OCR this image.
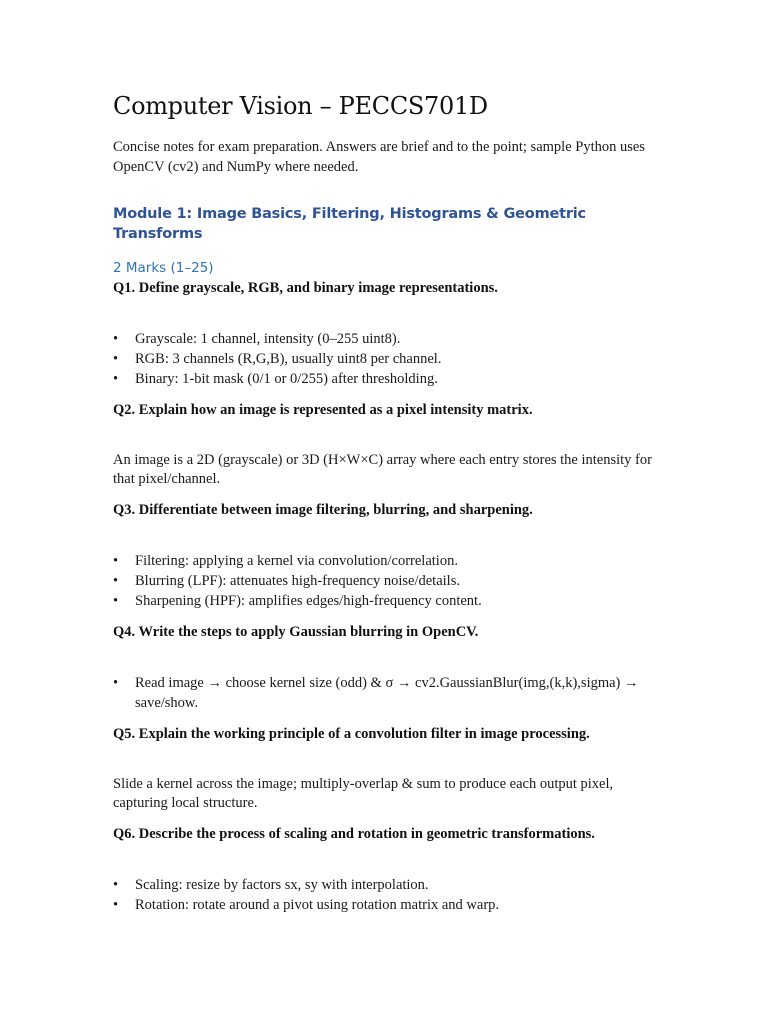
Computer Vision – PECCS701D

Concise notes for exam preparation. Answers are brief and to the point; sample Python uses OpenCV (cv2) and NumPy where needed.

Module 1: Image Basics, Filtering, Histograms & Geometric Transforms
2 Marks (1–25)

Q1. Define grayscale, RGB, and binary image representations.

•	Grayscale: 1 channel, intensity (0–255 uint8).
•	RGB: 3 channels (R,G,B), usually uint8 per channel.
•	Binary: 1-bit mask (0/1 or 0/255) after thresholding.

Q2. Explain how an image is represented as a pixel intensity matrix.

An image is a 2D (grayscale) or 3D (H×W×C) array where each entry stores the intensity for that pixel/channel.

Q3. Differentiate between image filtering, blurring, and sharpening.

•	Filtering: applying a kernel via convolution/correlation.
•	Blurring (LPF): attenuates high-frequency noise/details.
•	Sharpening (HPF): amplifies edges/high-frequency content.

Q4. Write the steps to apply Gaussian blurring in OpenCV.

•	Read image → choose kernel size (odd) & σ → cv2.GaussianBlur(img,(k,k),sigma) → save/show.

Q5. Explain the working principle of a convolution filter in image processing.

Slide a kernel across the image; multiply-overlap & sum to produce each output pixel, capturing local structure.

Q6. Describe the process of scaling and rotation in geometric transformations.

•	Scaling: resize by factors sx, sy with interpolation.
•	Rotation: rotate around a pivot using rotation matrix and warp.
